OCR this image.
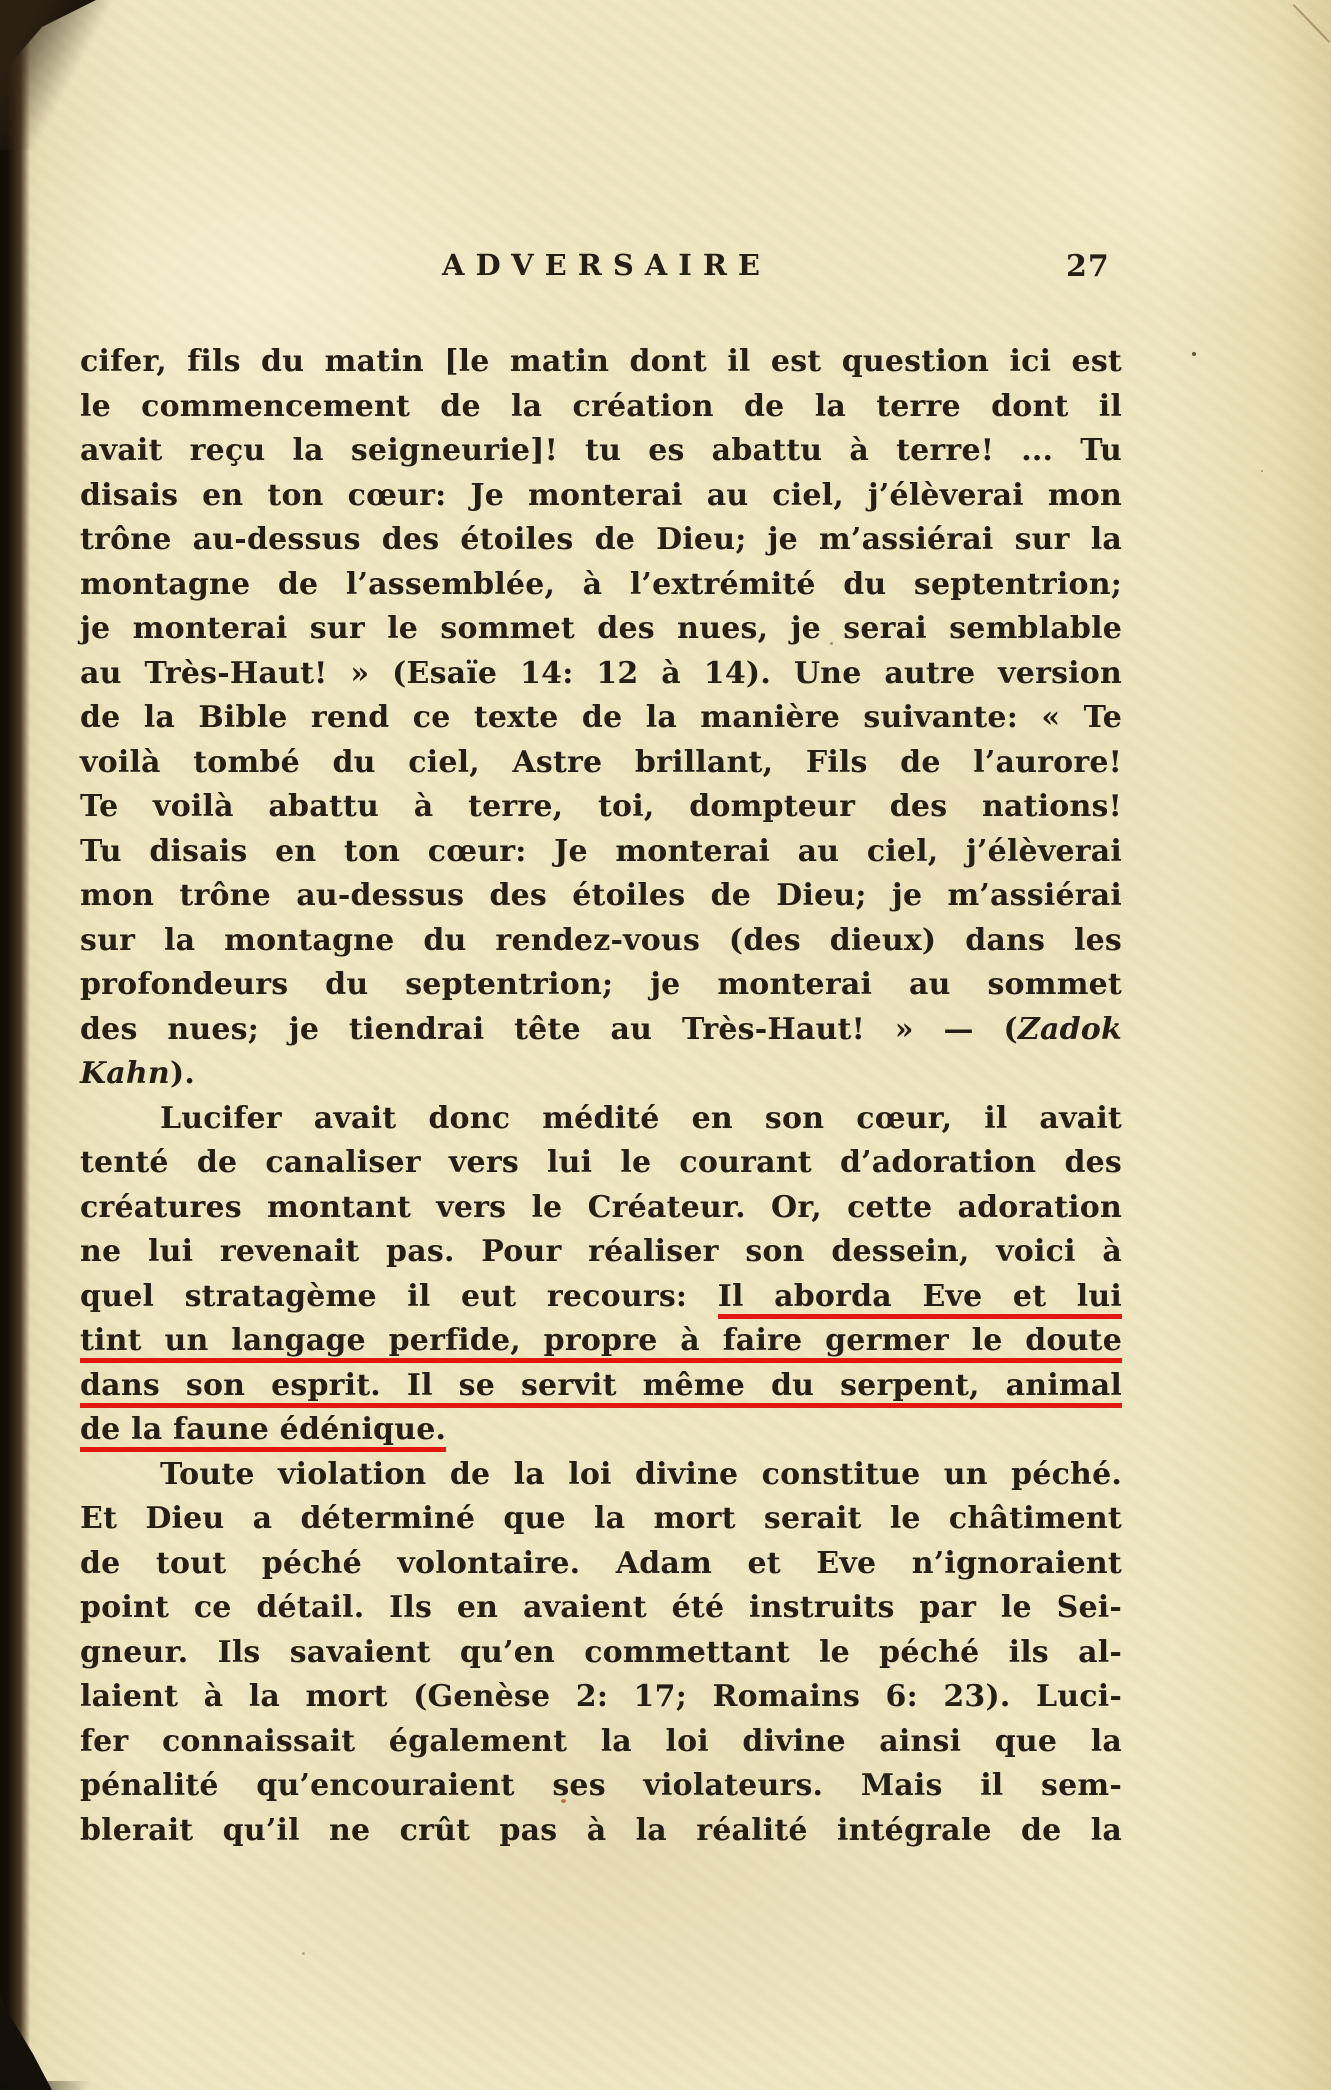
ADVERSAIRE	27
cifer, fils du matin [le matin dont il est question ici est
le commencement de la création de la terre dont il
avait reçu la seigneurie]! tu es abattu à terre! ... Tu
disais en ton cœur: Je monterai au ciel, j’élèverai mon
trône au-dessus des étoiles de Dieu; je m’assiérai sur la
montagne de l’assemblée, à l’extrémité du septentrion;
je monterai sur le sommet des nues, je serai semblable
au Très-Haut! » (Esaïe 14: 12 à 14). Une autre version
de la Bible rend ce texte de la manière suivante: « Te
voilà tombé du ciel, Astre brillant, Fils de l’aurore!
Te voilà abattu à terre, toi, dompteur des nations!
Tu disais en ton cœur: Je monterai au ciel, j’élèverai
mon trône au-dessus des étoiles de Dieu; je m’assiérai
sur la montagne du rendez-vous (des dieux) dans les
profondeurs du septentrion; je monterai au sommet
des nues; je tiendrai tête au Très-Haut! » — (Zadok
Kahn).
Lucifer avait donc médité en son cœur, il avait
tenté de canaliser vers lui le courant d’adoration des
créatures montant vers le Créateur. Or, cette adoration
ne lui revenait pas. Pour réaliser son dessein, voici à
quel stratagème il eut recours: Il aborda Eve et lui
tint un langage perfide, propre à faire germer le doute
dans son esprit. Il se servit même du serpent, animal
de la faune édénique.
Toute violation de la loi divine constitue un péché.
Et Dieu a déterminé que la mort serait le châtiment
de tout péché volontaire. Adam et Eve n’ignoraient
point ce détail. Ils en avaient été instruits par le Sei-
gneur. Ils savaient qu’en commettant le péché ils al-
laient à la mort (Genèse 2: 17; Romains 6: 23). Luci-
fer connaissait également la loi divine ainsi que la
pénalité qu’encouraient ses violateurs. Mais il sem-
blerait qu’il ne crût pas à la réalité intégrale de la
